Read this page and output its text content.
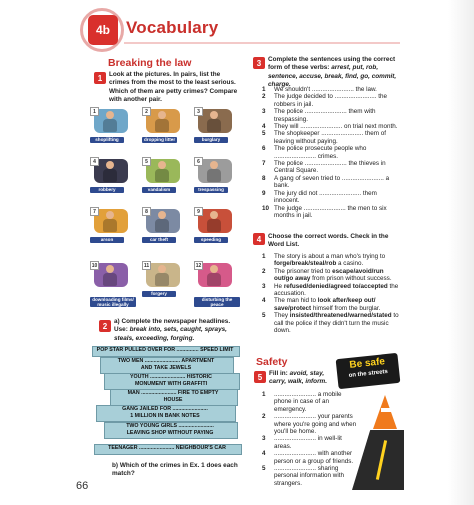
4b Vocabulary
Breaking the law
1	Look at the pictures. In pairs, list the crimes from the most to the least serious. Which of them are petty crimes? Compare with another pair.
1
shoplifting
2
dropping litter
3
burglary
4
robbery
5
vandalism
6
trespassing
7
arson
8
car theft
9
speeding
10
downloading films/ music illegally
11
forgery
12
disturbing the peace
2	a) Complete the newspaper headlines. Use: break into, sets, caught, sprays, steals, exceeding, forging.
POP STAR PULLED OVER FOR ............... SPEED LIMIT
TWO MEN ........................ APARTMENT
AND TAKE JEWELS
YOUTH ........................ HISTORIC
MONUMENT WITH GRAFFITI
MAN ........................ FIRE TO EMPTY
HOUSE
GANG JAILED FOR ........................
1 MILLION IN BANK NOTES
TWO YOUNG GIRLS ........................
LEAVING SHOP WITHOUT PAYING
TEENAGER ........................ NEIGHBOUR'S CAR
b) Which of the crimes in Ex. 1 does each match?
66
3	Complete the sentences using the correct form of these verbs: arrest, put, rob, sentence, accuse, break, find, go, commit, charge.
1 We shouldn't ........................ the law.
2 The judge decided to ........................ the robbers in jail.
3 The police ........................ them with trespassing.
4 They will ........................ on trial next month.
5 The shopkeeper ........................ them of leaving without paying.
6 The police prosecute people who ........................ crimes.
7 The police ........................ the thieves in Central Square.
8 A gang of seven tried to ........................ a bank.
9 The jury did not ........................ them innocent.
10 The judge ........................ the men to six months in jail.
4	Choose the correct words. Check in the Word List.
1 The story is about a man who's trying to forge/break/steal/rob a casino.
2 The prisoner tried to escape/avoid/run out/go away from prison without success.
3 He refused/denied/agreed to/accepted the accusation.
4 The man hid to look after/keep out/ save/protect himself from the burglar.
5 They insisted/threatened/warned/stated to call the police if they didn't turn the music down.
Safety
5	Fill in: avoid, stay, carry, walk, inform.
Be safe
on the streets
1 ........................ a mobile phone in case of an emergency.
2 ........................ your parents where you're going and when you'll be home.
3 ........................ in well-lit areas.
4 ........................ with another person or a group of friends.
5 ........................ sharing personal information with strangers.
